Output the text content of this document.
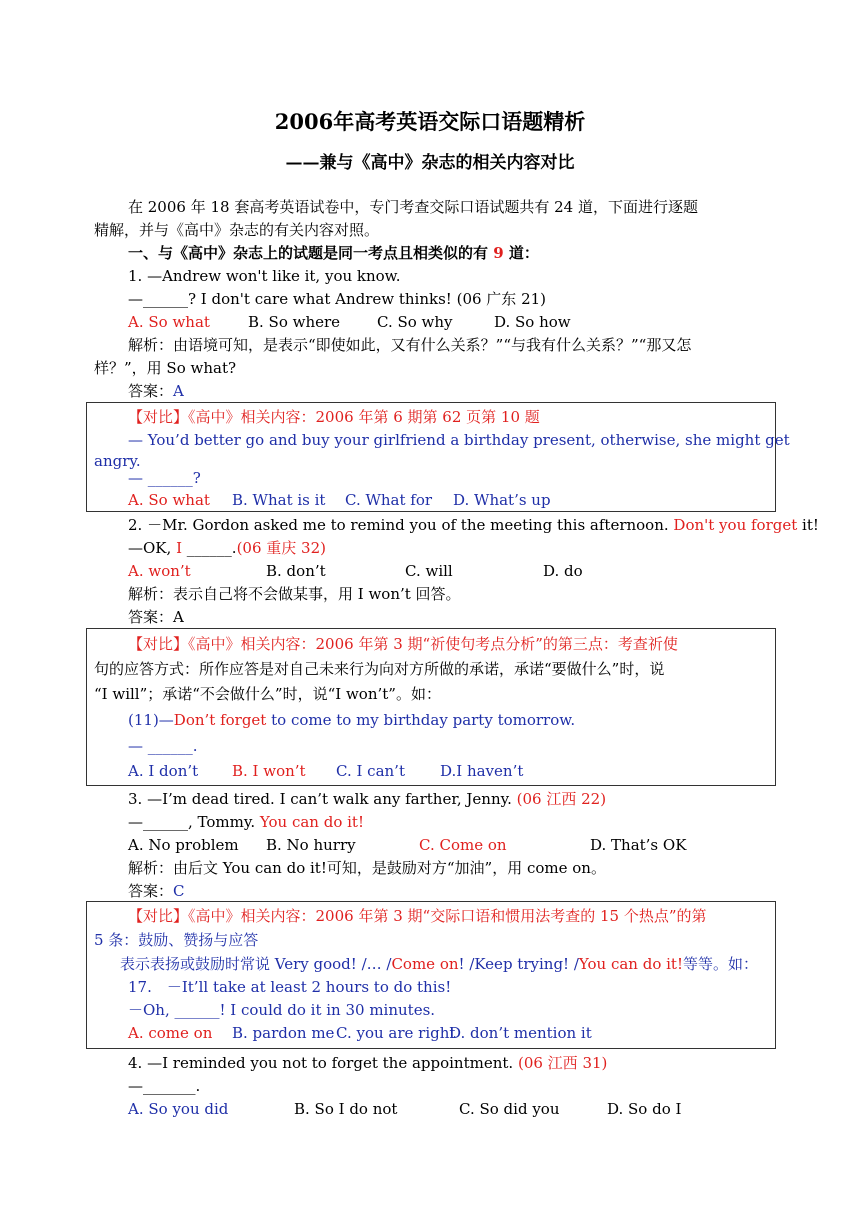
2006年高考英语交际口语题精析
——兼与《高中》杂志的相关内容对比
在 2006 年 18 套高考英语试卷中，专门考查交际口语试题共有 24 道，下面进行逐题
精解，并与《高中》杂志的有关内容对照。
一、与《高中》杂志上的试题是同一考点且相类似的有 9 道：
1. —Andrew won't like it, you know.
—______? I don't care what Andrew thinks! (06 广东 21)
A. So what	B. So where C. So why	D. So how
解析：由语境可知，是表示“即使如此，又有什么关系？”“与我有什么关系？”“那又怎
样？”，用 So what?
答案：A
【对比】《高中》相关内容：2006 年第 6 期第 62 页第 10 题
— You’d better go and buy your girlfriend a birthday present, otherwise, she might get
angry.
— ______?
A. So what B. What is it C. What for D. What’s up
2. －Mr. Gordon asked me to remind you of the meeting this afternoon. Don't you forget it!
—OK, I ______.(06 重庆 32)
A. won’t	B. don’t	C. will	D. do
解析：表示自己将不会做某事，用 I won’t 回答。
答案：A
【对比】《高中》相关内容：2006 年第 3 期“祈使句考点分析”的第三点：考查祈使
句的应答方式：所作应答是对自己未来行为向对方所做的承诺，承诺“要做什么”时，说
“I will”；承诺“不会做什么”时，说“I won’t”。如：
(11)—Don’t forget to come to my birthday party tomorrow.
— ______.
A. I don’t B. I won’t C. I can’t D.I haven’t
3. —I’m dead tired. I can’t walk any farther, Jenny. (06 江西 22)
—______, Tommy. You can do it!
A. No problem B. No hurry	C. Come on	D. That’s OK
解析：由后文 You can do it!可知，是鼓励对方“加油”，用 come on。
答案：C
【对比】《高中》相关内容：2006 年第 3 期“交际口语和惯用法考查的 15 个热点”的第
5 条：鼓励、赞扬与应答
表示表扬或鼓励时常说 Very good! /… /Come on! /Keep trying! /You can do it!等等。如：
17.　－It’ll take at least 2 hours to do this!
－Oh, ______! I could do it in 30 minutes.
A. come on B. pardon me C. you are right
D. don’t mention it
4. —I reminded you not to forget the appointment. (06 江西 31)
—_______.
A. So you did	B. So I do not	C. So did you	D. So do I
